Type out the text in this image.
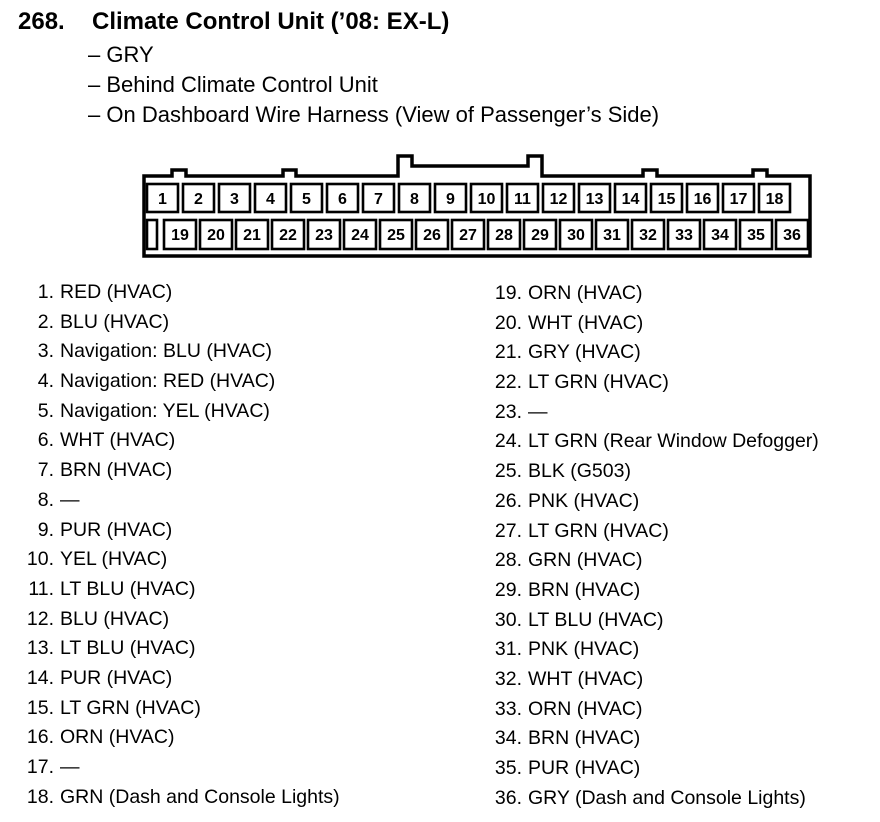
268. Climate Control Unit (’08: EX-L)
– GRY
– Behind Climate Control Unit
– On Dashboard Wire Harness (View of Passenger’s Side)
1 2 3 4 5 6 7 8 9 10 11 12 13 14 15 16 17 18
19 20 21 22 23 24 25 26 27 28 29 30 31 32 33 34 35 36
1. RED (HVAC)
2. BLU (HVAC)
3. Navigation: BLU (HVAC)
4. Navigation: RED (HVAC)
5. Navigation: YEL (HVAC)
6. WHT (HVAC)
7. BRN (HVAC)
8. —
9. PUR (HVAC)
10. YEL (HVAC)
11. LT BLU (HVAC)
12. BLU (HVAC)
13. LT BLU (HVAC)
14. PUR (HVAC)
15. LT GRN (HVAC)
16. ORN (HVAC)
17. —
18. GRN (Dash and Console Lights)
19. ORN (HVAC)
20. WHT (HVAC)
21. GRY (HVAC)
22. LT GRN (HVAC)
23. —
24. LT GRN (Rear Window Defogger)
25. BLK (G503)
26. PNK (HVAC)
27. LT GRN (HVAC)
28. GRN (HVAC)
29. BRN (HVAC)
30. LT BLU (HVAC)
31. PNK (HVAC)
32. WHT (HVAC)
33. ORN (HVAC)
34. BRN (HVAC)
35. PUR (HVAC)
36. GRY (Dash and Console Lights)
